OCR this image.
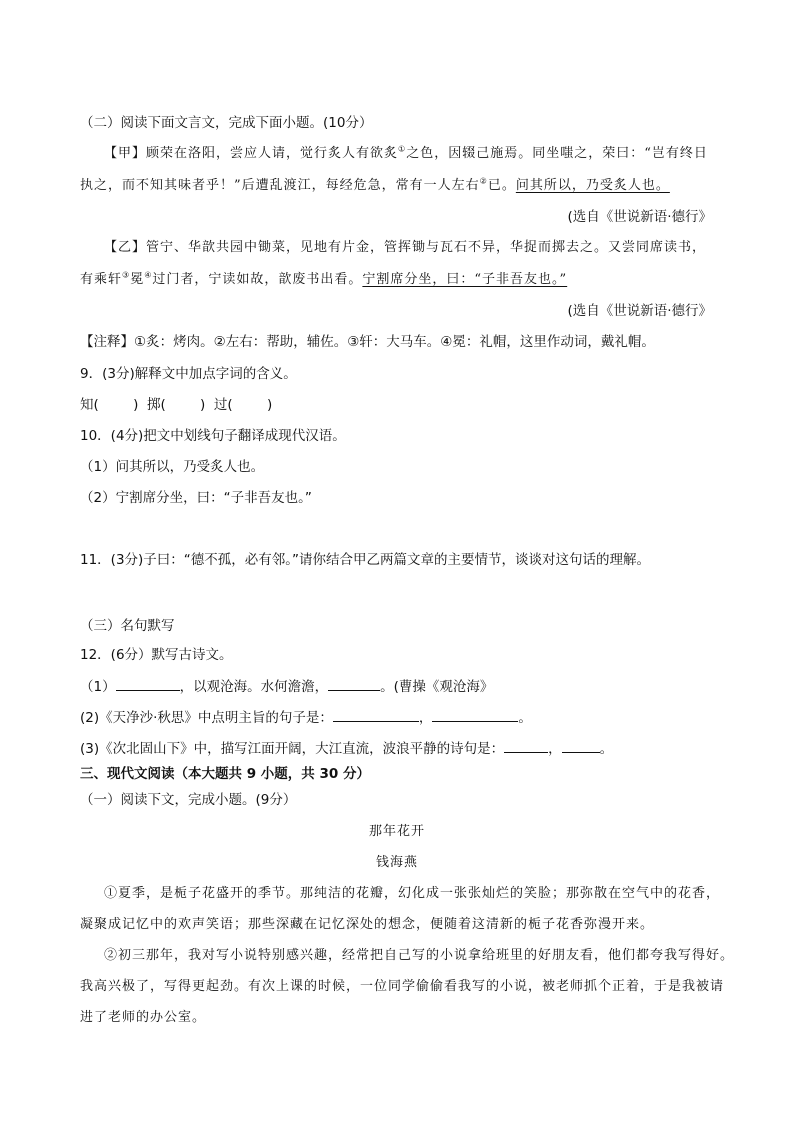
（二）阅读下面文言文，完成下面小题。(10分）
【甲】顾荣在洛阳，尝应人请，觉行炙人有欲炙①之色，因辍己施焉。同坐嗤之，荣曰：“岂有终日
执之，而不知其味者乎！”后遭乱渡江，每经危急，常有一人左右②已。问其所以，乃受炙人也。
(选自《世说新语·德行》
【乙】管宁、华歆共园中锄菜，见地有片金，管挥锄与瓦石不异，华捉而掷去之。又尝同席读书，
有乘轩③冕④过门者，宁读如故，歆废书出看。宁割席分坐，曰：“子非吾友也。”
(选自《世说新语·德行》
【注释】①炙：烤肉。②左右：帮助，辅佐。③轩：大马车。④冕：礼帽，这里作动词，戴礼帽。
9．(3分)解释文中加点字词的含义。
知(        )  掷(        )  过(        )
10．(4分)把文中划线句子翻译成现代汉语。
（1）问其所以，乃受炙人也。
（2）宁割席分坐，曰：“子非吾友也。”
11．(3分)子曰：“德不孤，必有邻。”请你结合甲乙两篇文章的主要情节，谈谈对这句话的理解。
（三）名句默写
12．(6分）默写古诗文。
（1）	，以观沧海。水何澹澹，	。(曹操《观沧海》
(2)《天净沙·秋思》中点明主旨的句子是：	，	。
(3)《次北固山下》中，描写江面开阔，大江直流，波浪平静的诗句是：	，	。
三、现代文阅读（本大题共 9 小题，共 30 分）
（一）阅读下文，完成小题。(9分）
那年花开
钱海燕
①夏季，是栀子花盛开的季节。那纯洁的花瓣，幻化成一张张灿烂的笑脸；那弥散在空气中的花香，
凝聚成记忆中的欢声笑语；那些深藏在记忆深处的想念，便随着这清新的栀子花香弥漫开来。
②初三那年，我对写小说特别感兴趣，经常把自己写的小说拿给班里的好朋友看，他们都夸我写得好。
我高兴极了，写得更起劲。有次上课的时候，一位同学偷偷看我写的小说，被老师抓个正着，于是我被请
进了老师的办公室。
